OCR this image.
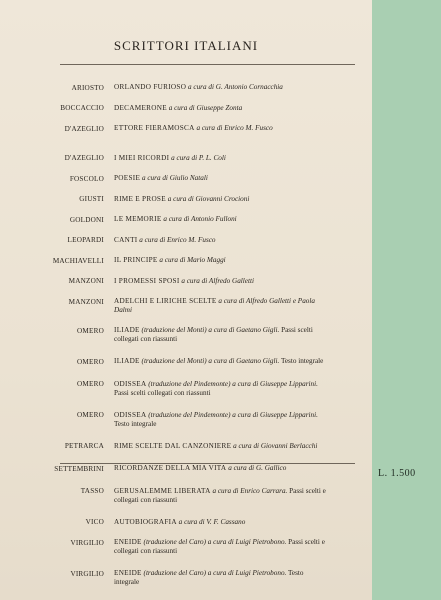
L. 1.500
SCRITTORI ITALIANI
ARIOSTO ORLANDO FURIOSO a cura di G. Antonio Cornacchia
BOCCACCIO DECAMERONE a cura di Giuseppe Zonta
D'AZEGLIO ETTORE FIERAMOSCA a cura di Enrico M. Fusco
D'AZEGLIO I MIEI RICORDI a cura di P. L. Coli
FOSCOLO POESIE a cura di Giulio Natali
GIUSTI RIME E PROSE a cura di Giovanni Crocioni
GOLDONI LE MEMORIE a cura di Antonio Fulloni
LEOPARDI CANTI a cura di Enrico M. Fusco
MACHIAVELLI IL PRINCIPE a cura di Mario Maggi
MANZONI I PROMESSI SPOSI a cura di Alfredo Galletti
MANZONI ADELCHI E LIRICHE SCELTE a cura di Alfredo Galletti e Paola Dalmi
OMERO ILIADE (traduzione del Monti) a cura di Gaetano Gigli. Passi scelti collegati con riassunti
OMERO ILIADE (traduzione del Monti) a cura di Gaetano Gigli. Testo integrale
OMERO ODISSEA (traduzione del Pindemonte) a cura di Giuseppe Lipparini. Passi scelti collegati con riassunti
OMERO ODISSEA (traduzione del Pindemonte) a cura di Giuseppe Lipparini. Testo integrale
PETRARCA RIME SCELTE DAL CANZONIERE a cura di Giovanni Berlacchi
SETTEMBRINI RICORDANZE DELLA MIA VITA a cura di G. Gallico
TASSO GERUSALEMME LIBERATA a cura di Enrico Carrara. Passi scelti e collegati con riassunti
VICO AUTOBIOGRAFIA a cura di V. F. Cassano
VIRGILIO ENEIDE (traduzione del Caro) a cura di Luigi Pietrobono. Passi scelti e collegati con riassunti
VIRGILIO ENEIDE (traduzione del Caro) a cura di Luigi Pietrobono. Testo integrale
